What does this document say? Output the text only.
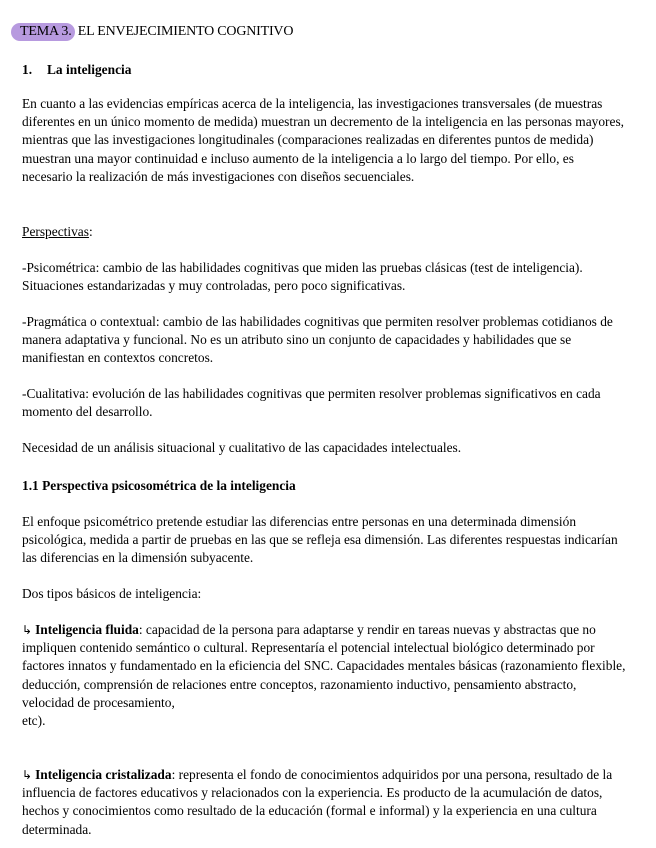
TEMA 3. EL ENVEJECIMIENTO COGNITIVO
1. La inteligencia

En cuanto a las evidencias empíricas acerca de la inteligencia, las investigaciones transversales (de muestras diferentes en un único momento de medida) muestran un decremento de la inteligencia en las personas mayores, mientras que las investigaciones longitudinales (comparaciones realizadas en diferentes puntos de medida) muestran una mayor continuidad e incluso aumento de la inteligencia a lo largo del tiempo. Por ello, es necesario la realización de más investigaciones con diseños secuenciales.

Perspectivas:

-Psicométrica: cambio de las habilidades cognitivas que miden las pruebas clásicas (test de inteligencia). Situaciones estandarizadas y muy controladas, pero poco significativas.

-Pragmática o contextual: cambio de las habilidades cognitivas que permiten resolver problemas cotidianos de manera adaptativa y funcional. No es un atributo sino un conjunto de capacidades y habilidades que se manifiestan en contextos concretos.

-Cualitativa: evolución de las habilidades cognitivas que permiten resolver problemas significativos en cada momento del desarrollo.

Necesidad de un análisis situacional y cualitativo de las capacidades intelectuales.

1.1 Perspectiva psicosométrica de la inteligencia

El enfoque psicométrico pretende estudiar las diferencias entre personas en una determinada dimensión psicológica, medida a partir de pruebas en las que se refleja esa dimensión. Las diferentes respuestas indicarían las diferencias en la dimensión subyacente.

Dos tipos básicos de inteligencia:

↳ Inteligencia fluida: capacidad de la persona para adaptarse y rendir en tareas nuevas y abstractas que no impliquen contenido semántico o cultural. Representaría el potencial intelectual biológico determinado por factores innatos y fundamentado en la eficiencia del SNC. Capacidades mentales básicas (razonamiento flexible, deducción, comprensión de relaciones entre conceptos, razonamiento inductivo, pensamiento abstracto, velocidad de procesamiento,
etc).
↳ Inteligencia cristalizada: representa el fondo de conocimientos adquiridos por una persona, resultado de la influencia de factores educativos y relacionados con la experiencia. Es producto de la acumulación de datos, hechos y conocimientos como resultado de la educación (formal e informal) y la experiencia en una cultura determinada.
